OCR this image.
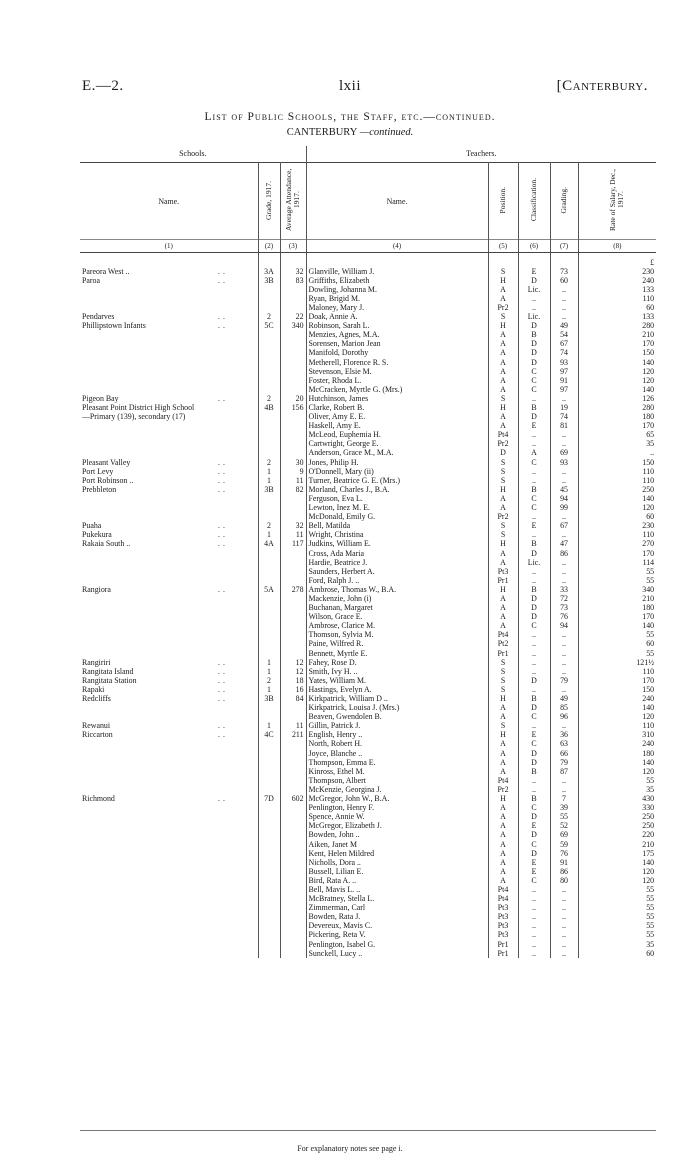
E.—2.	lxii	[Canterbury.
List of Public Schools, the Staff, etc.—continued.
CANTERBURY —continued.
Schools.				Teachers.						
Name.		Grade, 1917.	Average Attendance, 1917.	Name.		Position.	Classification.	Grading.	Rate of Salary, Dec., 1917.	
(1)		(2)	(3)	(4)		(5)	(6)	(7)	(8)	
										£
Pareora West ..	..	3A	32	Glanville, William J.		S	E	73	230	
Paroa	..	3B	83	Griffiths, Elizabeth		H	D	60	240	
				Dowling, Johanna M.		A	Lic.	..	133	
				Ryan, Brigid M.		A	..	..	110	
				Maloney, Mary J.		Pr2	..	..	60	
Pendarves	..	2	22	Doak, Annie A.		S	Lic.	..	133	
Phillipstown Infants	..	5C	340	Robinson, Sarah L.		H	D	49	280	
				Menzies, Agnes, M.A.		A	B	54	210	
				Sorensen, Marion Jean		A	D	67	170	
				Manifold, Dorothy		A	D	74	150	
				Metherell, Florence R. S.		A	D	93	140	
				Stevenson, Elsie M.		A	C	97	120	
				Foster, Rhoda L.		A	C	91	120	
				McCracken, Myrtle G. (Mrs.)		A	C	97	140	
Pigeon Bay	..	2	20	Hutchinson, James		S	..	..	126	
Pleasant Point District High School		4B	156	Clarke, Robert B.		H	B	19	280	
—Primary (139), secondary (17)				Oliver, Amy E. E.		A	D	74	180	
				Haskell, Amy E.		A	E	81	170	
				McLeod, Euphemia H.		Pt4	..	..	65	
				Cartwright, George E.		Pr2	..	..	35	
				Anderson, Grace M., M.A.		D	A	69	..	
Pleasant Valley	..	2	30	Jones, Philip H.		S	C	93	150	
Port Levy	..	1	9	O'Donnell, Mary (ii)		S	..	..	110	
Port Robinson ..	..	1	11	Turner, Beatrice G. E. (Mrs.)		S	..	..	110	
Prebbleton	..	3B	82	Morland, Charles J., B.A.		H	B	45	250	
				Ferguson, Eva L.		A	C	94	140	
				Lewton, Inez M. E.		A	C	99	120	
				McDonald, Emily G.		Pr2	..	..	60	
Puaha	..	2	32	Bell, Matilda		S	E	67	230	
Pukekura	..	1	11	Wright, Christina		S	..	..	110	
Rakaia South ..	..	4A	117	Judkins, William E.		H	B	47	270	
				Cross, Ada Maria		A	D	86	170	
				Hardie, Beatrice J.		A	Lic.	..	114	
				Saunders, Herbert A.		Pt3	..	..	55	
				Ford, Ralph J. ..		Pr1	..	..	55	
Rangiora	..	5A	278	Ambrose, Thomas W., B.A.		H	B	33	340	
				Mackenzie, John (i)		A	D	72	210	
				Buchanan, Margaret		A	D	73	180	
				Wilson, Grace E.		A	D	76	170	
				Ambrose, Clarice M.		A	C	94	140	
				Thomson, Sylvia M.		Pt4	..	..	55	
				Paine, Wilfred R.		Pt2	..	..	60	
				Bennett, Myrtle E.		Pr1	..	..	55	
Rangiriri	..	1	12	Fahey, Rose D.		S	..	..	121½	
Rangitata Island	..	1	12	Smith, Ivy H. ..		S	..	..	110	
Rangitata Station	..	2	18	Yates, William M.		S	D	79	170	
Rapaki	..	1	16	Hastings, Evelyn A.		S	..	..	150	
Redcliffs	..	3B	84	Kirkpatrick, William D ..		H	B	49	240	
				Kirkpatrick, Louisa J. (Mrs.)		A	D	85	140	
				Beaven, Gwendolen B.		A	C	96	120	
Rewanui	..	1	11	Gillin, Patrick J.		S	..	..	110	
Riccarton	..	4C	211	English, Henry ..		H	E	36	310	
				North, Robert H.		A	C	63	240	
				Joyce, Blanche ..		A	D	66	180	
				Thompson, Emma E.		A	D	79	140	
				Kinross, Ethel M.		A	B	87	120	
				Thompson, Albert		Pt4	..	..	55	
				McKenzie, Georgina J.		Pr2	..	..	35	
Richmond	..	7D	602	McGregor, John W., B.A.		H	B	7	430	
				Penlington, Henry F.		A	C	39	330	
				Spence, Annie W.		A	D	55	250	
				McGregor, Elizabeth J.		A	E	52	250	
				Bowden, John ..		A	D	69	220	
				Aiken, Janet M		A	C	59	210	
				Kent, Helen Mildred		A	D	76	175	
				Nicholls, Dora ..		A	E	91	140	
				Bussell, Lilian E.		A	E	86	120	
				Bird, Rata A. ..		A	C	80	120	
				Bell, Mavis L. ..		Pt4	..	..	55	
				McBratney, Stella L.		Pt4	..	..	55	
				Zimmerman, Carl		Pt3	..	..	55	
				Bowden, Rata J.		Pt3	..	..	55	
				Devereux, Mavis C.		Pt3	..	..	55	
				Pickering, Reta V.		Pt3	..	..	55	
				Penlington, Isabel G.		Pr1	..	..	35	
				Sunckell, Lucy ..		Pr1	..	..	60	
For explanatory notes see page i.
